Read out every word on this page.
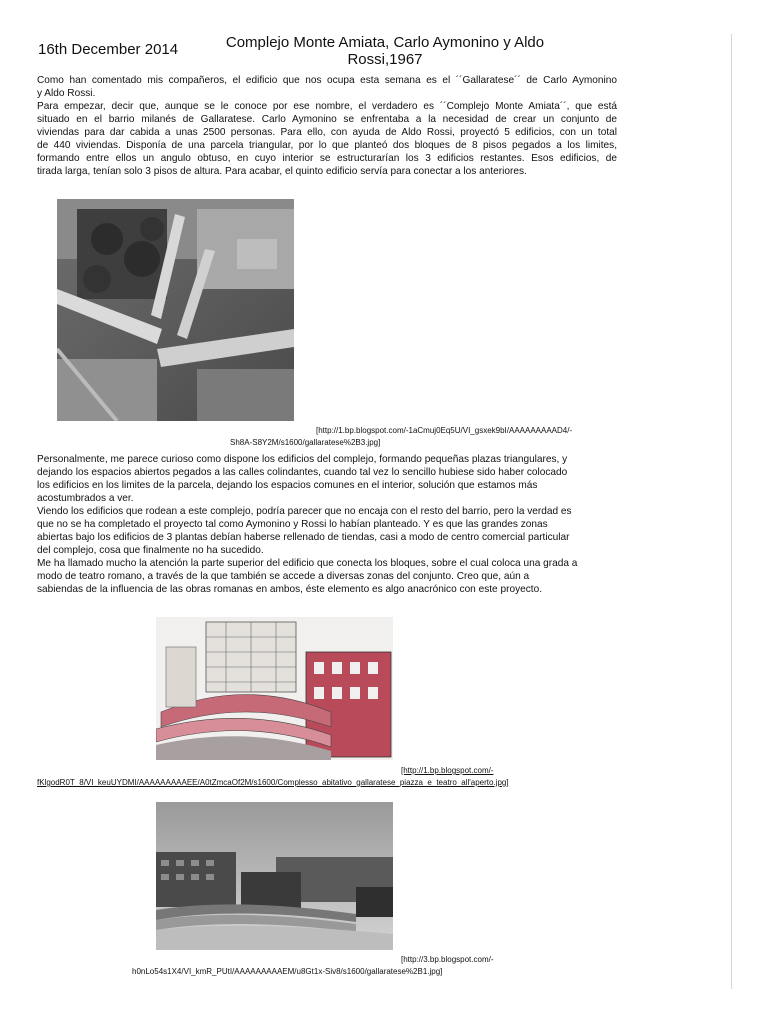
16th December 2014	Complejo Monte Amiata, Carlo Aymonino y Aldo
Rossi,1967

Como han comentado mis compañeros, el edificio que nos ocupa esta semana es el ´´Gallaratese´´ de Carlo Aymonino
y Aldo Rossi.
Para empezar, decir que, aunque se le conoce por ese nombre, el verdadero es ´´Complejo Monte Amiata´´, que está
situado en el barrio milanés de Gallaratese. Carlo Aymonino se enfrentaba a la necesidad de crear un conjunto de
viviendas para dar cabida a unas 2500 personas. Para ello, con ayuda de Aldo Rossi, proyectó 5 edificios, con un total
de 440 viviendas. Disponía de una parcela triangular, por lo que planteó dos bloques de 8 pisos pegados a los limites,
formando entre ellos un angulo obtuso, en cuyo interior se estructurarían los 3 edificios restantes. Esos edificios, de
tirada larga, tenían solo 3 pisos de altura. Para acabar, el quinto edificio servía para conectar a los anteriores.

[http://1.bp.blogspot.com/-1aCmuj0Eq5U/VI_gsxek9bI/AAAAAAAAAD4/-
Sh8A-S8Y2M/s1600/gallaratese%2B3.jpg]

Personalmente, me parece curioso como dispone los edificios del complejo, formando pequeñas plazas triangulares, y
dejando los espacios abiertos pegados a las calles colindantes, cuando tal vez lo sencillo hubiese sido haber colocado
los edificios en los limites de la parcela, dejando los espacios comunes en el interior, solución que estamos más
acostumbrados a ver.
Viendo los edificios que rodean a este complejo, podría parecer que no encaja con el resto del barrio, pero la verdad es
que no se ha completado el proyecto tal como Aymonino y Rossi lo habían planteado. Y es que las grandes zonas
abiertas bajo los edificios de 3 plantas debían haberse rellenado de tiendas, casi a modo de centro comercial particular
del complejo, cosa que finalmente no ha sucedido.
Me ha llamado mucho la atención la parte superior del edificio que conecta los bloques, sobre el cual coloca una grada a
modo de teatro romano, a través de la que también se accede a diversas zonas del conjunto. Creo que, aún a
sabiendas de la influencia de las obras romanas en ambos, éste elemento es algo anacrónico con este proyecto.

[http://1.bp.blogspot.com/-
fKlgodR0T_8/VI_keuUYDMI/AAAAAAAAAEE/A0tZmcaOf2M/s1600/Complesso_abitativo_gallaratese_piazza_e_teatro_all'aperto.jpg]
[http://3.bp.blogspot.com/-
h0nLo54s1X4/VI_kmR_PUtI/AAAAAAAAAEM/u8Gt1x-Siv8/s1600/gallaratese%2B1.jpg]
